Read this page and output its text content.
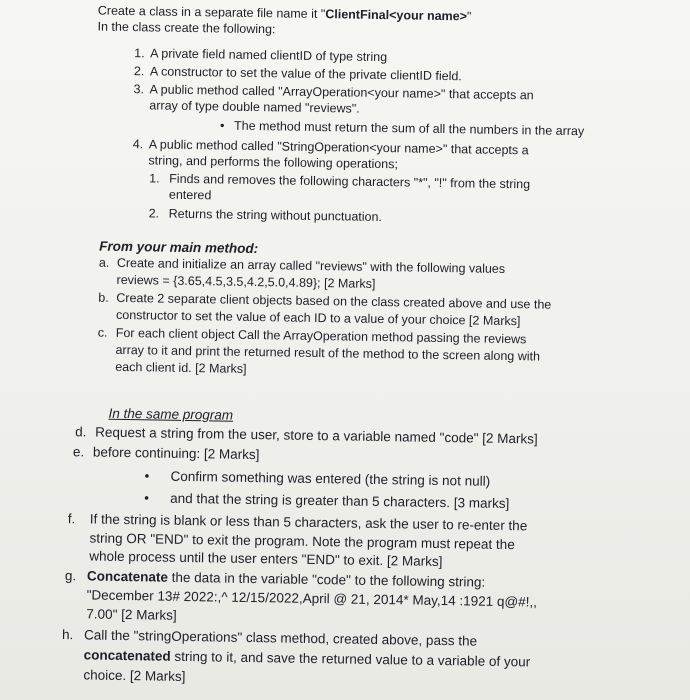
Create a class in a separate file name it "ClientFinal<your name>"
In the class create the following:
1. A private field named clientID of type string
2. A constructor to set the value of the private clientID field.
3. A public method called "ArrayOperation<your name>" that accepts an
array of type double named "reviews".
• The method must return the sum of all the numbers in the array
4. A public method called "StringOperation<your name>" that accepts a
string, and performs the following operations;
1. Finds and removes the following characters "*", "!" from the string
entered
2. Returns the string without punctuation.
From your main method:
a. Create and initialize an array called "reviews" with the following values
reviews = {3.65,4.5,3.5,4.2,5.0,4.89}; [2 Marks]
b. Create 2 separate client objects based on the class created above and use the
constructor to set the value of each ID to a value of your choice [2 Marks]
c. For each client object Call the ArrayOperation method passing the reviews
array to it and print the returned result of the method to the screen along with
each client id. [2 Marks]
In the same program
d. Request a string from the user, store to a variable named "code" [2 Marks]
e. before continuing: [2 Marks]
• Confirm something was entered (the string is not null)
• and that the string is greater than 5 characters. [3 marks]
f. If the string is blank or less than 5 characters, ask the user to re-enter the
string OR "END" to exit the program. Note the program must repeat the
whole process until the user enters "END" to exit. [2 Marks]
g. Concatenate the data in the variable "code" to the following string:
"December 13# 2022:,^ 12/15/2022,April @ 21, 2014* May,14 :1921 q@#!,,
7.00" [2 Marks]
h. Call the "stringOperations" class method, created above, pass the
concatenated string to it, and save the returned value to a variable of your
choice. [2 Marks]
